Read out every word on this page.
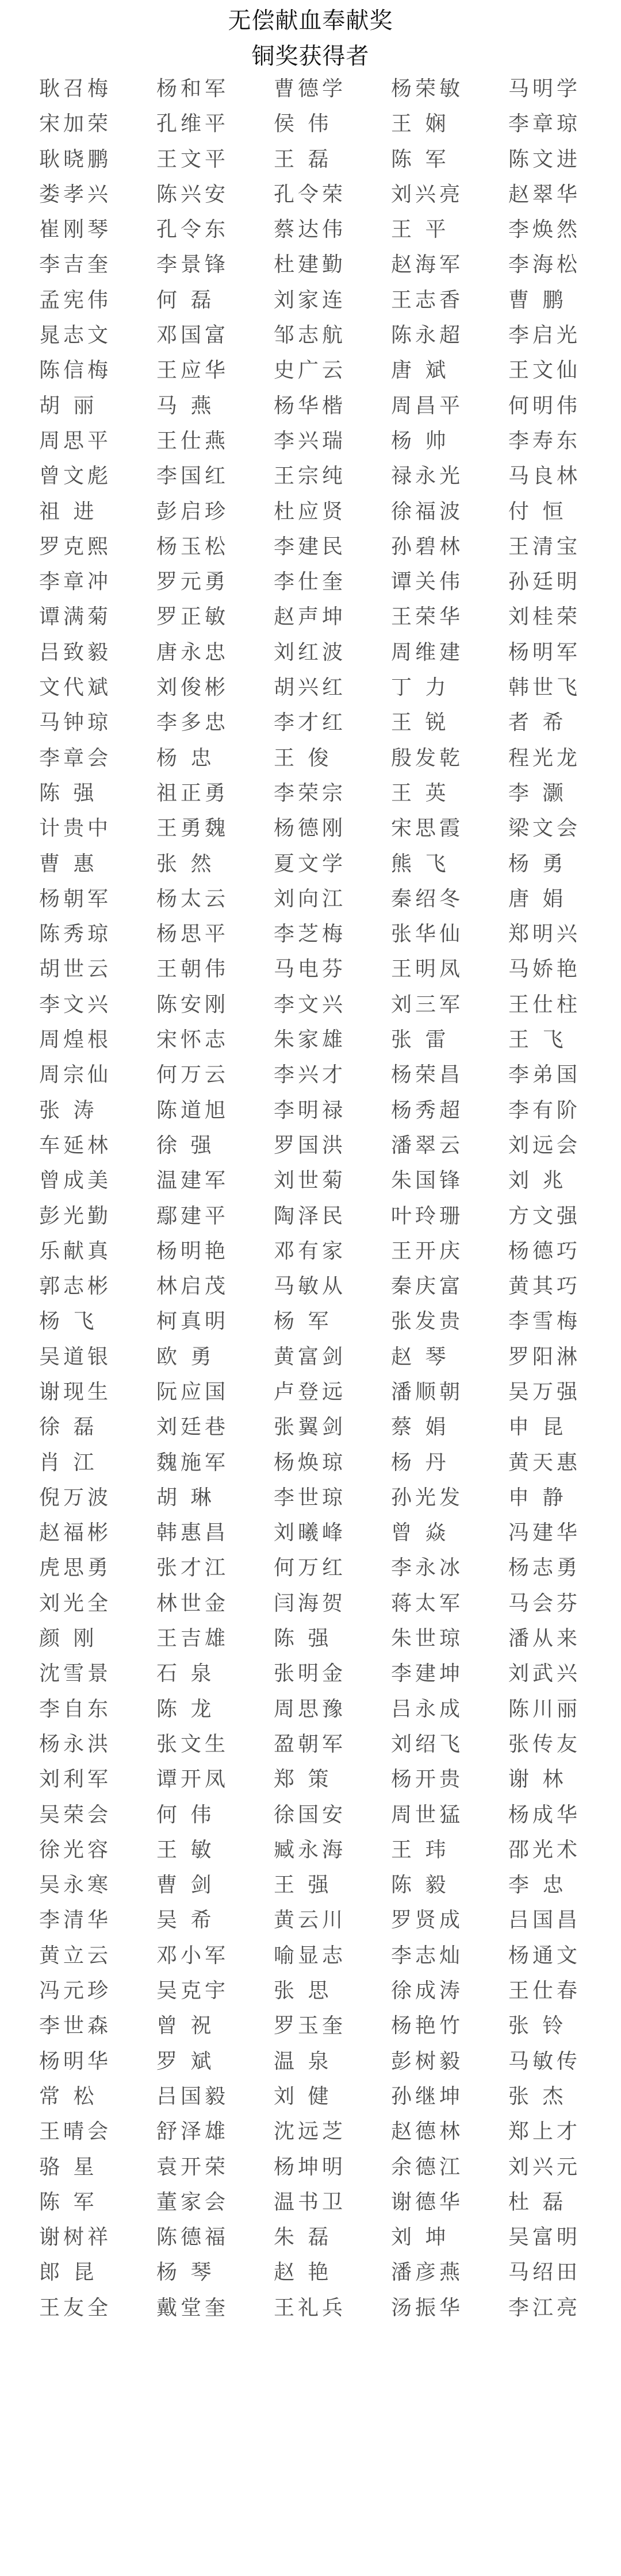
无偿献血奉献奖
铜奖获得者
耿召梅	杨和军	曹德学	杨荣敏	马明学
宋加荣	孔维平	侯 伟	王 娴	李章琼
耿晓鹏	王文平	王 磊	陈 军	陈文进
娄孝兴	陈兴安	孔令荣	刘兴亮	赵翠华
崔刚琴	孔令东	蔡达伟	王 平	李焕然
李吉奎	李景锋	杜建勤	赵海军	李海松
孟宪伟	何 磊	刘家连	王志香	曹 鹏
晁志文	邓国富	邹志航	陈永超	李启光
陈信梅	王应华	史广云	唐 斌	王文仙
胡 丽	马 燕	杨华楷	周昌平	何明伟
周思平	王仕燕	李兴瑞	杨 帅	李寿东
曾文彪	李国红	王宗纯	禄永光	马良林
祖 进	彭启珍	杜应贤	徐福波	付 恒
罗克熙	杨玉松	李建民	孙碧林	王清宝
李章冲	罗元勇	李仕奎	谭关伟	孙廷明
谭满菊	罗正敏	赵声坤	王荣华	刘桂荣
吕致毅	唐永忠	刘红波	周维建	杨明军
文代斌	刘俊彬	胡兴红	丁 力	韩世飞
马钟琼	李多忠	李才红	王 锐	者 希
李章会	杨 忠	王 俊	殷发乾	程光龙
陈 强	祖正勇	李荣宗	王 英	李 灏
计贵中	王勇魏	杨德刚	宋思霞	梁文会
曹 惠	张 然	夏文学	熊 飞	杨 勇
杨朝军	杨太云	刘向江	秦绍冬	唐 娟
陈秀琼	杨思平	李芝梅	张华仙	郑明兴
胡世云	王朝伟	马电芬	王明凤	马娇艳
李文兴	陈安刚	李文兴	刘三军	王仕柱
周煌根	宋怀志	朱家雄	张 雷	王 飞
周宗仙	何万云	李兴才	杨荣昌	李弟国
张 涛	陈道旭	李明禄	杨秀超	李有阶
车延林	徐 强	罗国洪	潘翠云	刘远会
曾成美	温建军	刘世菊	朱国锋	刘 兆
彭光勤	鄢建平	陶泽民	叶玲珊	方文强
乐献真	杨明艳	邓有家	王开庆	杨德巧
郭志彬	林启茂	马敏从	秦庆富	黄其巧
杨 飞	柯真明	杨 军	张发贵	李雪梅
吴道银	欧 勇	黄富剑	赵 琴	罗阳淋
谢现生	阮应国	卢登远	潘顺朝	吴万强
徐 磊	刘廷巷	张翼剑	蔡 娟	申 昆
肖 江	魏施军	杨焕琼	杨 丹	黄天惠
倪万波	胡 琳	李世琼	孙光发	申 静
赵福彬	韩惠昌	刘曦峰	曾 焱	冯建华
虎思勇	张才江	何万红	李永冰	杨志勇
刘光全	林世金	闫海贺	蒋太军	马会芬
颜 刚	王吉雄	陈 强	朱世琼	潘从来
沈雪景	石 泉	张明金	李建坤	刘武兴
李自东	陈 龙	周思豫	吕永成	陈川丽
杨永洪	张文生	盈朝军	刘绍飞	张传友
刘利军	谭开凤	郑 策	杨开贵	谢 林
吴荣会	何 伟	徐国安	周世猛	杨成华
徐光容	王 敏	臧永海	王 玮	邵光术
吴永寒	曹 剑	王 强	陈 毅	李 忠
李清华	吴 希	黄云川	罗贤成	吕国昌
黄立云	邓小军	喻显志	李志灿	杨通文
冯元珍	吴克宇	张 思	徐成涛	王仕春
李世森	曾 祝	罗玉奎	杨艳竹	张 铃
杨明华	罗 斌	温 泉	彭树毅	马敏传
常 松	吕国毅	刘 健	孙继坤	张 杰
王晴会	舒泽雄	沈远芝	赵德林	郑上才
骆 星	袁开荣	杨坤明	余德江	刘兴元
陈 军	董家会	温书卫	谢德华	杜 磊
谢树祥	陈德福	朱 磊	刘 坤	吴富明
郎 昆	杨 琴	赵 艳	潘彦燕	马绍田
王友全	戴堂奎	王礼兵	汤振华	李江亮
